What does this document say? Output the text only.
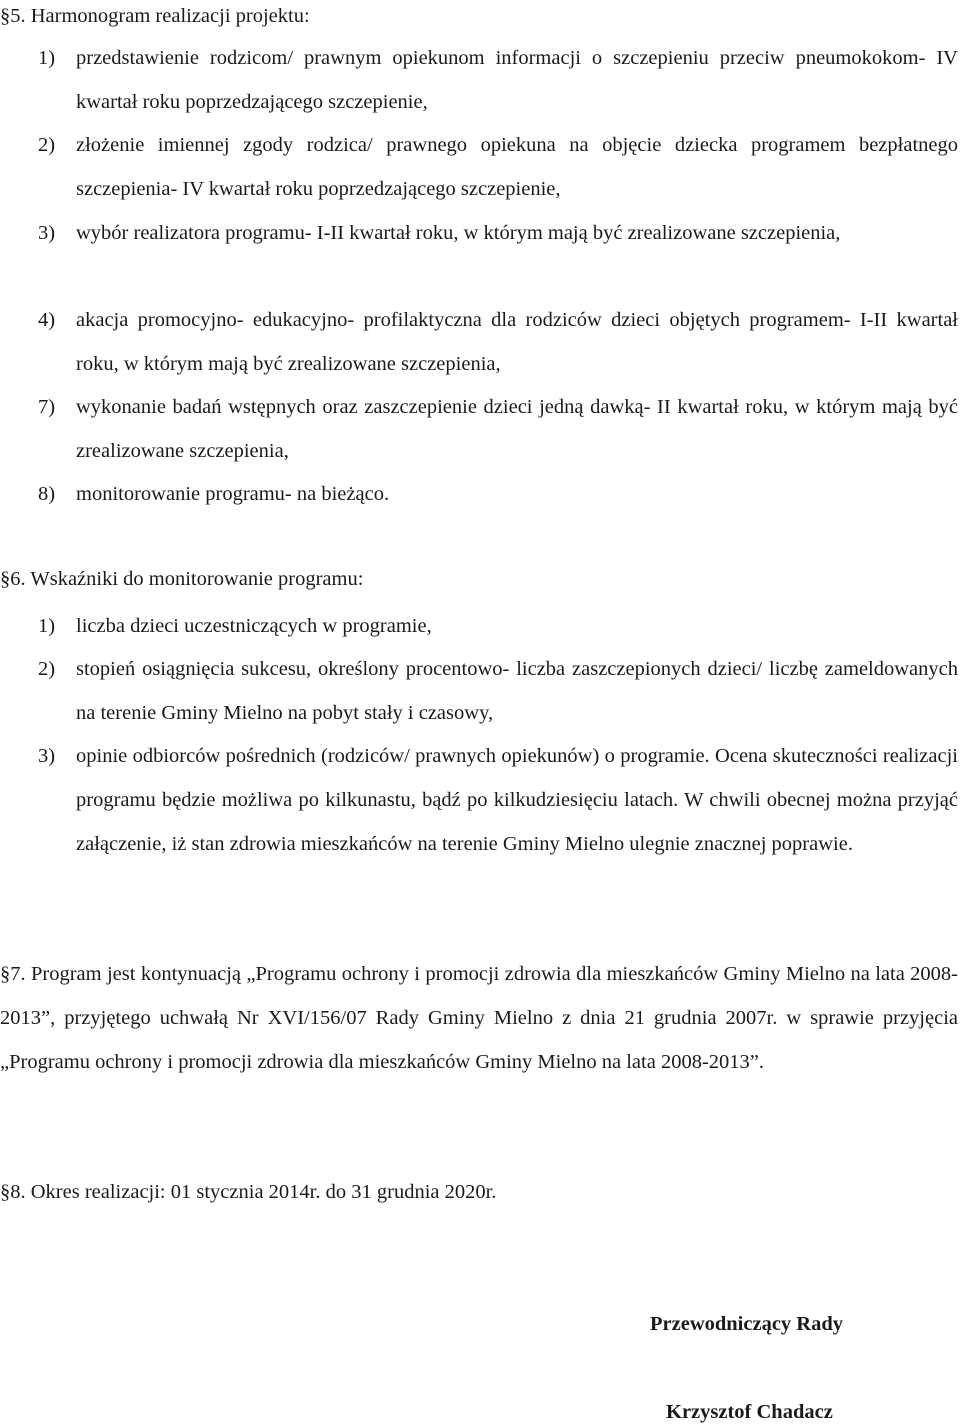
§5. Harmonogram realizacji projektu:
1) przedstawienie rodzicom/ prawnym opiekunom informacji o szczepieniu przeciw pneumokokom- IV kwartał roku poprzedzającego szczepienie,
2) złożenie imiennej zgody rodzica/ prawnego opiekuna na objęcie dziecka programem bezpłatnego szczepienia- IV kwartał roku poprzedzającego szczepienie,
3) wybór realizatora programu- I-II kwartał roku, w którym mają być zrealizowane szczepienia,
4) akacja promocyjno- edukacyjno- profilaktyczna dla rodziców dzieci objętych programem- I-II kwartał roku, w którym mają być zrealizowane szczepienia,
7) wykonanie badań wstępnych oraz zaszczepienie dzieci jedną dawką- II kwartał roku, w którym mają być zrealizowane szczepienia,
8) monitorowanie programu- na bieżąco.
§6. Wskaźniki do monitorowanie programu:
1) liczba dzieci uczestniczących w programie,
2) stopień osiągnięcia sukcesu, określony procentowo- liczba zaszczepionych dzieci/ liczbę zameldowanych na terenie Gminy Mielno na pobyt stały i czasowy,
3) opinie odbiorców pośrednich (rodziców/ prawnych opiekunów) o programie. Ocena skuteczności realizacji programu będzie możliwa po kilkunastu, bądź po kilkudziesięciu latach. W chwili obecnej można przyjąć załączenie, iż stan zdrowia mieszkańców na terenie Gminy Mielno ulegnie znacznej poprawie.
§7. Program jest kontynuacją „Programu ochrony i promocji zdrowia dla mieszkańców Gminy Mielno na lata 2008-2013”, przyjętego uchwałą Nr XVI/156/07 Rady Gminy Mielno z dnia 21 grudnia 2007r. w sprawie przyjęcia „Programu ochrony i promocji zdrowia dla mieszkańców Gminy Mielno na lata 2008-2013”.
§8. Okres realizacji: 01 stycznia 2014r. do 31 grudnia 2020r.
Przewodniczący Rady
Krzysztof Chadacz
